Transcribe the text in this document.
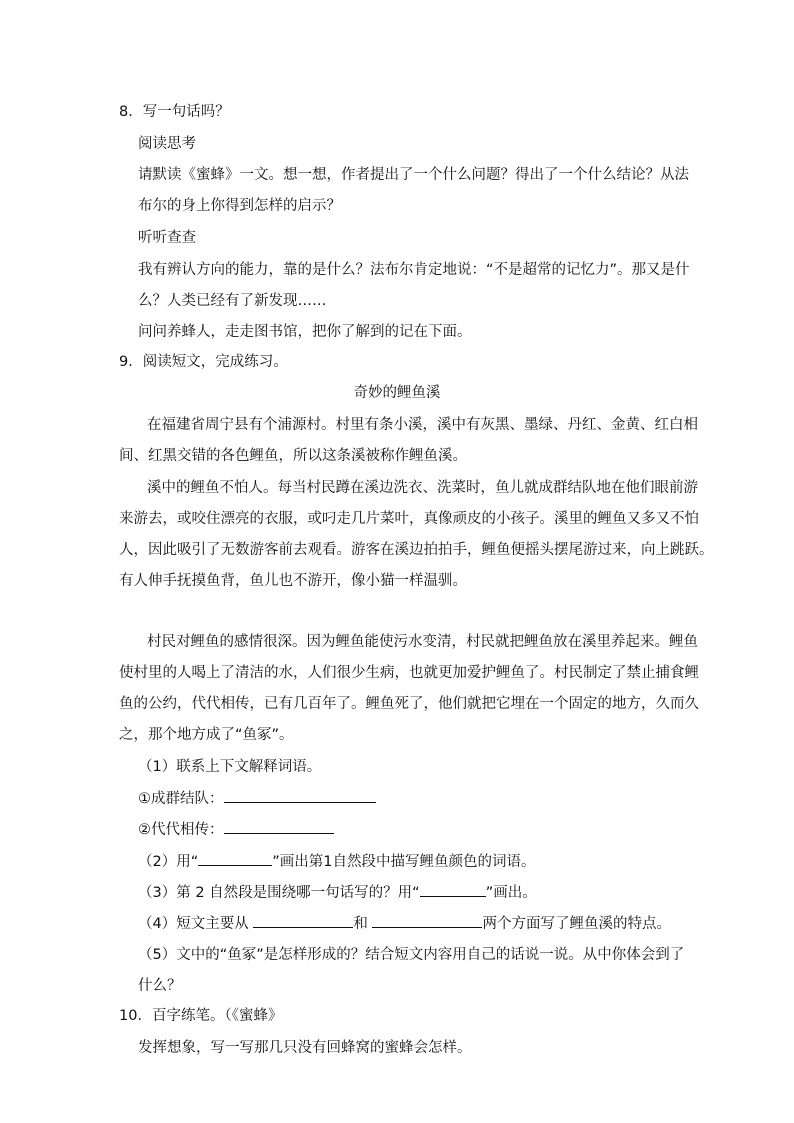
8．写一句话吗？
阅读思考
请默读《蜜蜂》一文。想一想，作者提出了一个什么问题？得出了一个什么结论？从法
布尔的身上你得到怎样的启示？
听听查查
我有辨认方向的能力，靠的是什么？法布尔肯定地说：“不是超常的记忆力”。那又是什
么？人类已经有了新发现……
问问养蜂人，走走图书馆，把你了解到的记在下面。
9．阅读短文，完成练习。
奇妙的鲤鱼溪
在福建省周宁县有个浦源村。村里有条小溪，溪中有灰黑、墨绿、丹红、金黄、红白相
间、红黑交错的各色鲤鱼，所以这条溪被称作鲤鱼溪。
溪中的鲤鱼不怕人。每当村民蹲在溪边洗衣、洗菜时，鱼儿就成群结队地在他们眼前游
来游去，或咬住漂亮的衣服，或叼走几片菜叶，真像顽皮的小孩子。溪里的鲤鱼又多又不怕
人，因此吸引了无数游客前去观看。游客在溪边拍拍手，鲤鱼便摇头摆尾游过来，向上跳跃。
有人伸手抚摸鱼背，鱼儿也不游开，像小猫一样温驯。
村民对鲤鱼的感情很深。因为鲤鱼能使污水变清，村民就把鲤鱼放在溪里养起来。鲤鱼
使村里的人喝上了清洁的水，人们很少生病，也就更加爱护鲤鱼了。村民制定了禁止捕食鲤
鱼的公约，代代相传，已有几百年了。鲤鱼死了，他们就把它埋在一个固定的地方，久而久
之，那个地方成了“鱼冢”。
（1）联系上下文解释词语。
①成群结队：
②代代相传：
（2）用“	”画出第1自然段中描写鲤鱼颜色的词语。
（3）第 2 自然段是围绕哪一句话写的？用“	”画出。
（4）短文主要从	和	两个方面写了鲤鱼溪的特点。
（5）文中的“鱼冢”是怎样形成的？结合短文内容用自己的话说一说。从中你体会到了
什么？
10．百字练笔。（《蜜蜂》
发挥想象，写一写那几只没有回蜂窝的蜜蜂会怎样。
